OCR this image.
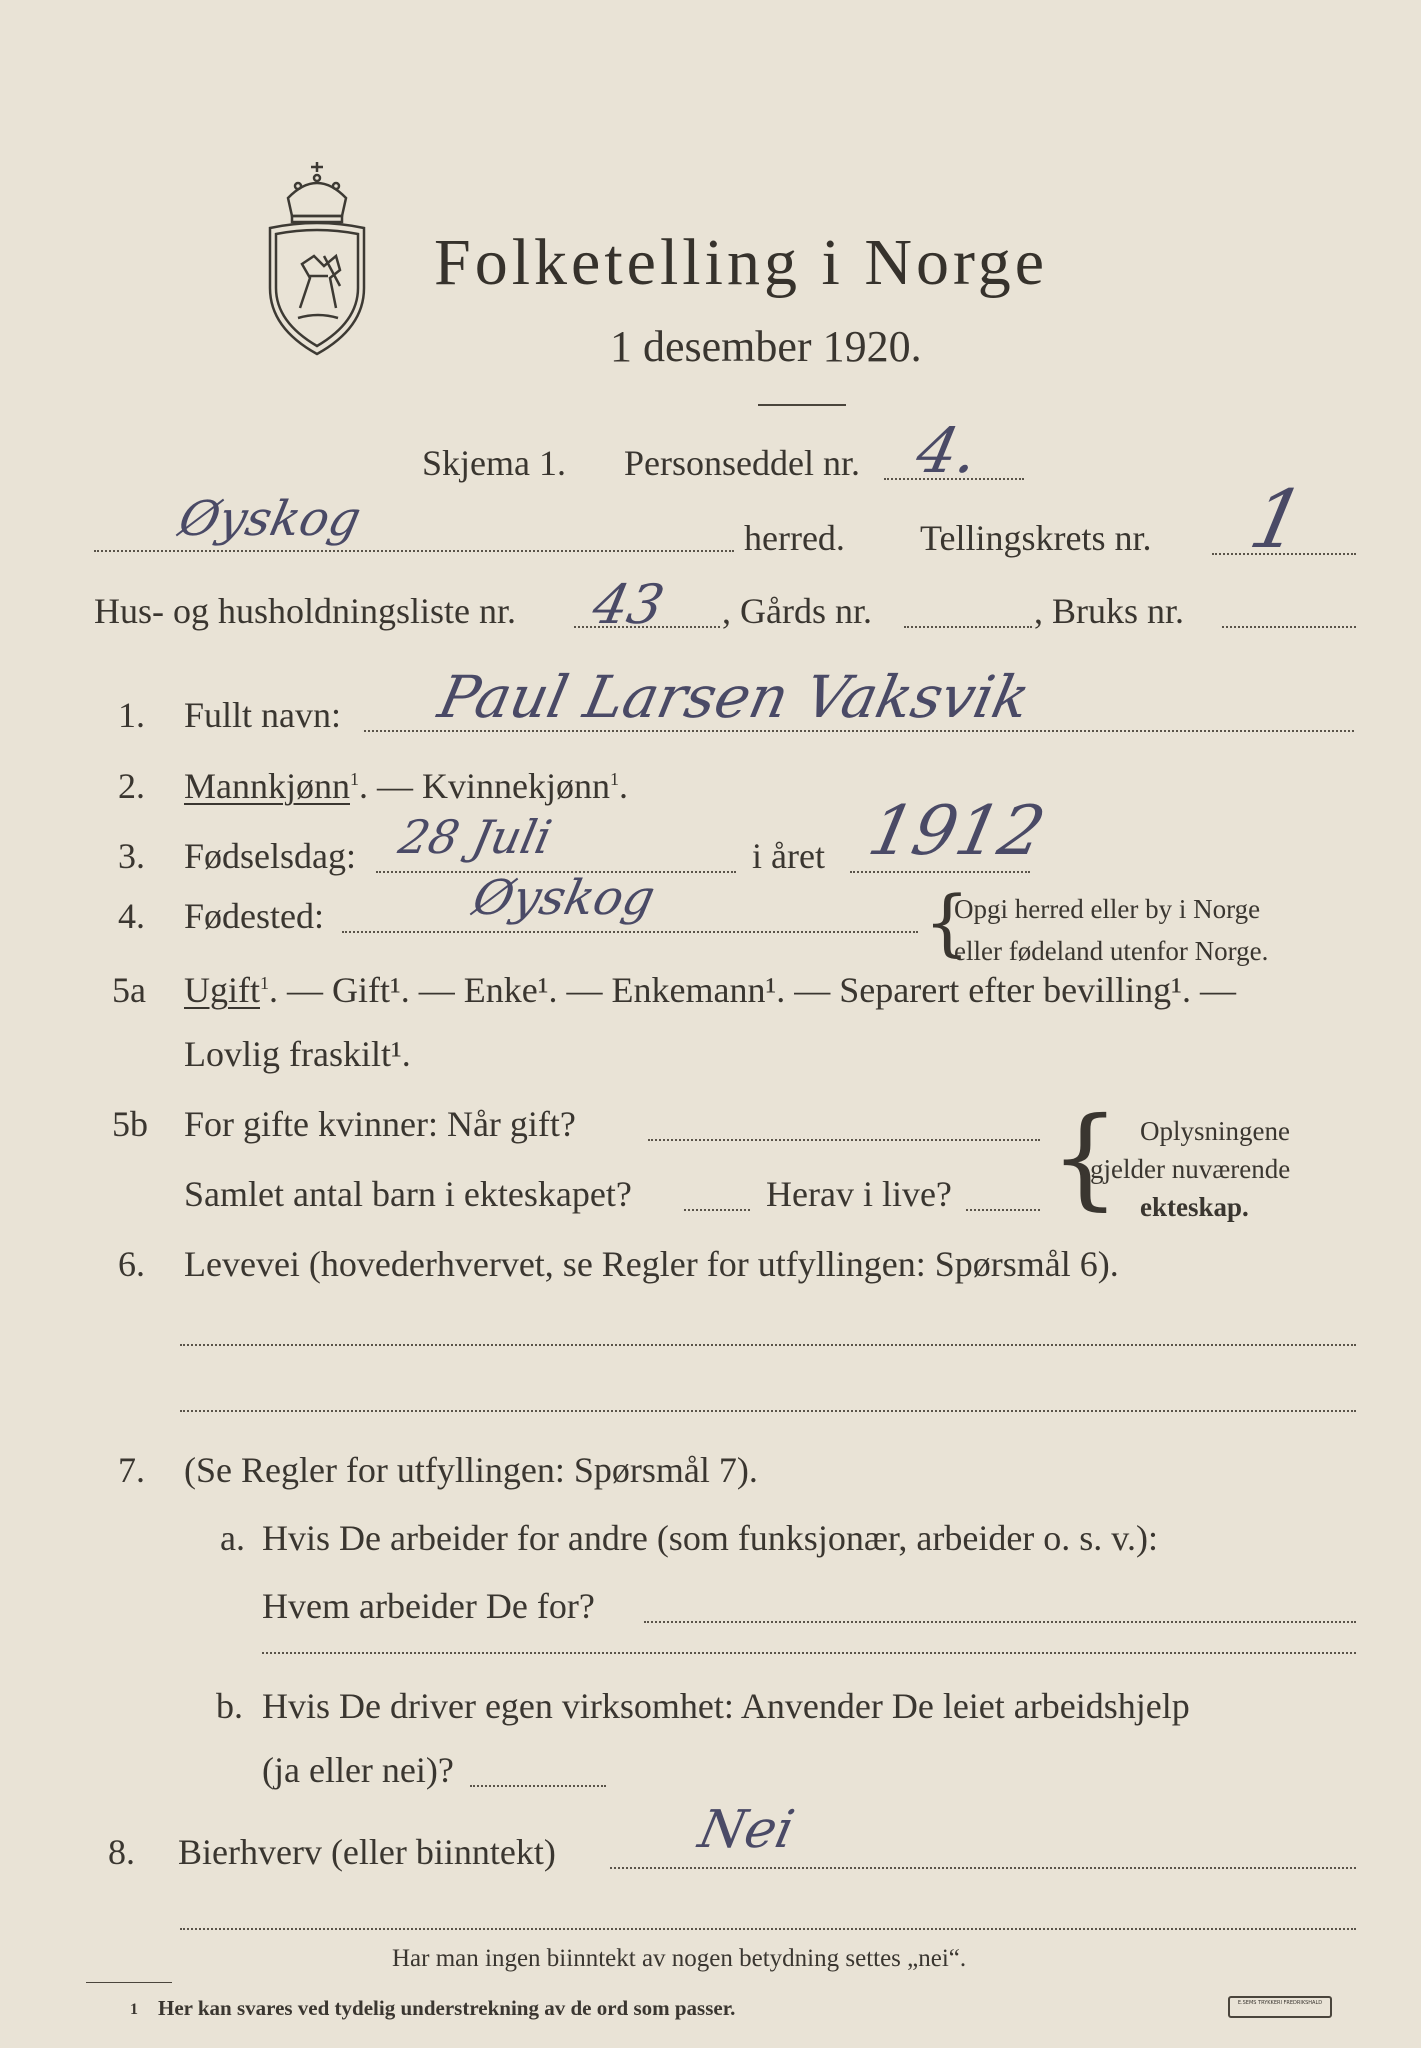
Folketelling i Norge
1 desember 1920.
Skjema 1. Personseddel nr. 4.
Øyskog	herred. Tellingskrets nr. 1
Hus- og husholdningsliste nr. 43 , Gårds nr.	, Bruks nr.
1. Fullt navn: Paul Larsen Vaksvik
2. Mannkjønn$^1$. — Kvinnekjønn$^1$.
3. Fødselsdag: 28 Juli	i året 1912
4. Fødested:	Øyskog	{
Opgi herred eller by i Norge
eller fødeland utenfor Norge.
5a Ugift$^1$. — Gift¹. — Enke¹. — Enkemann¹. — Separert efter bevilling¹. —
Lovlig fraskilt¹.
5b For gifte kvinner: Når gift?
Samlet antal barn i ekteskapet?	Herav i live? { Oplysningene
gjelder nuværende
ekteskap.
6. Levevei (hovederhvervet, se Regler for utfyllingen: Spørsmål 6).
7. (Se Regler for utfyllingen: Spørsmål 7).
a. Hvis De arbeider for andre (som funksjonær, arbeider o. s. v.):
Hvem arbeider De for?
b. Hvis De driver egen virksomhet: Anvender De leiet arbeidshjelp
(ja eller nei)?
8. Bierhverv (eller biinntekt)	Nei
Har man ingen biinntekt av nogen betydning settes „nei“.
1 Her kan svares ved tydelig understrekning av de ord som passer.	E.SEMS TRYKKERI FREDRIKSHALD
